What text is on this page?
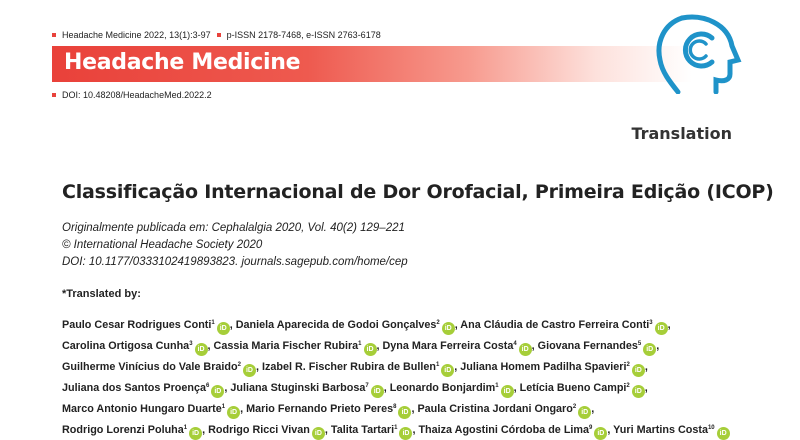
Headache Medicine 2022, 13(1):3-97 p-ISSN 2178-7468, e-ISSN 2763-6178
Headache Medicine
DOI: 10.48208/HeadacheMed.2022.2
Translation
Classificação Internacional de Dor Orofacial, Primeira Edição (ICOP)
Originalmente publicada em: Cephalalgia 2020, Vol. 40(2) 129–221
© International Headache Society 2020
DOI: 10.1177/0333102419893823. journals.sagepub.com/home/cep
*Translated by:
Paulo Cesar Rodrigues Conti$^1$iD , Daniela Aparecida de Godoi Gonçalves$^2$iD , Ana Cláudia de Castro Ferreira Conti$^3$iD ,
Carolina Ortigosa Cunha$^3$iD , Cassia Maria Fischer Rubira$^1$iD , Dyna Mara Ferreira Costa$^4$iD , Giovana Fernandes$^5$iD ,
Guilherme Vinícius do Vale Braido$^2$iD , Izabel R. Fischer Rubira de Bullen$^1$iD , Juliana Homem Padilha Spavieri$^2$iD ,
Juliana dos Santos Proença$^6$iD , Juliana Stuginski Barbosa$^7$iD , Leonardo Bonjardim$^1$iD , Letícia Bueno Campi$^2$iD ,
Marco Antonio Hungaro Duarte$^1$iD , Mario Fernando Prieto Peres$^8$iD , Paula Cristina Jordani Ongaro$^2$iD ,
Rodrigo Lorenzi Poluha$^1$iD , Rodrigo Ricci Vivan iD , Talita Tartari$^1$iD , Thaiza Agostini Córdoba de Lima$^9$iD , Yuri Martins Costa$^{10}$iD
